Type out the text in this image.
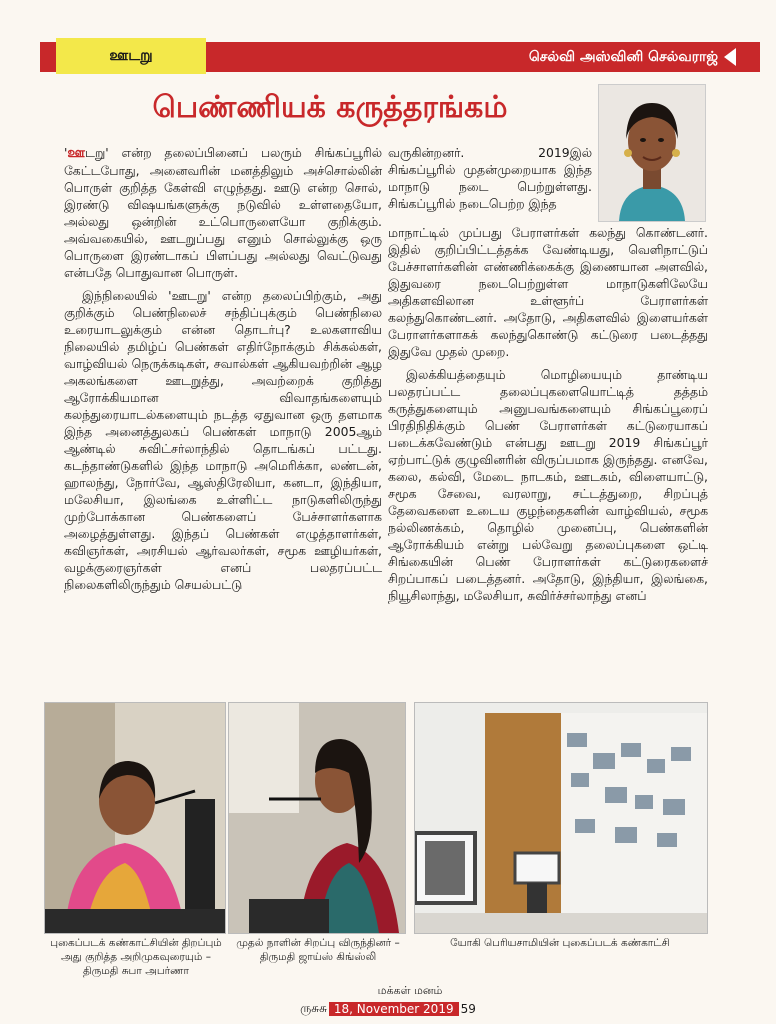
ஊடறு	செல்வி அஸ்வினி செல்வராஜ்
பெண்ணியக் கருத்தரங்கம்

'ஊடறு' என்ற தலைப்பினைப் பலரும் சிங்கப்பூரில் கேட்டபோது, அனைவரின் மனத்திலும் அச்சொல்லின் பொருள் குறித்த கேள்வி எழுந்தது. ஊடு என்ற சொல், இரண்டு விஷயங்களுக்கு நடுவில் உள்ளதையோ, அல்லது ஒன்றின் உட்பொருளையோ குறிக்கும். அவ்வகையில், ஊடறுப்பது எனும் சொல்லுக்கு ஒரு பொருளை இரண்டாகப் பிளப்பது அல்லது வெட்டுவது என்பதே பொதுவான பொருள்.

இந்நிலையில் 'ஊடறு' என்ற தலைப்பிற்கும், அது குறிக்கும் பெண்நிலைச் சந்திப்புக்கும் பெண்நிலை உரையாடலுக்கும் என்ன தொடர்பு? உலகளாவிய நிலையில் தமிழ்ப் பெண்கள் எதிர்நோக்கும் சிக்கல்கள், வாழ்வியல் நெருக்கடிகள், சவால்கள் ஆகியவற்றின் ஆழ அகலங்களை ஊடறுத்து, அவற்றைக் குறித்து ஆரோக்கியமான விவாதங்களையும் கலந்துரையாடல்களையும் நடத்த ஏதுவான ஒரு தளமாக இந்த அனைத்துலகப் பெண்கள் மாநாடு 2005ஆம் ஆண்டில் சுவிட்சர்லாந்தில் தொடங்கப் பட்டது. கடந்தாண்டுகளில் இந்த மாநாடு அமெரிக்கா, லண்டன், ஹாலந்து, நோர்வே, ஆஸ்திரேலியா, கனடா, இந்தியா, மலேசியா, இலங்கை உள்ளிட்ட நாடுகளிலிருந்து முற்போக்கான பெண்களைப் பேச்சாளர்களாக அழைத்துள்ளது. இந்தப் பெண்கள் எழுத்தாளர்கள், கவிஞர்கள், அரசியல் ஆர்வலர்கள், சமூக ஊழியர்கள், வழக்குரைஞர்கள் எனப் பலதரப்பட்ட நிலைகளிலிருந்தும் செயல்பட்டு

வருகின்றனர். 2019இல் சிங்கப்பூரில் முதன்முறையாக இந்த மாநாடு நடை பெற்றுள்ளது. சிங்கப்பூரில் நடைபெற்ற இந்த

மாநாட்டில் முப்பது பேராளர்கள் கலந்து கொண்டனர். இதில் குறிப்பிட்டத்தக்க வேண்டியது, வெளிநாட்டுப் பேச்சாளர்களின் எண்ணிக்கைக்கு இணையான அளவில், இதுவரை நடைபெற்றுள்ள மாநாடுகளிலேயே அதிகளவிலான உள்ளூர்ப் பேராளர்கள் கலந்துகொண்டனர். அதோடு, அதிகளவில் இளையர்கள் பேராளர்களாகக் கலந்துகொண்டு கட்டுரை படைத்தது இதுவே முதல் முறை.

இலக்கியத்தையும் மொழியையும் தாண்டிய பலதரப்பட்ட தலைப்புகளையொட்டித் தத்தம் கருத்துகளையும் அனுபவங்களையும் சிங்கப்பூரைப் பிரதிநிதிக்கும் பெண் பேராளர்கள் கட்டுரையாகப் படைக்கவேண்டும் என்பது ஊடறு 2019 சிங்கப்பூர் ஏற்பாட்டுக் குழுவினரின் விருப்பமாக இருந்தது. எனவே, கலை, கல்வி, மேடை நாடகம், ஊடகம், விளையாட்டு, சமூக சேவை, வரலாறு, சட்டத்துறை, சிறப்புத் தேவைகளை உடைய குழந்தைகளின் வாழ்வியல், சமூக நல்லிணக்கம், தொழில் முனைப்பு, பெண்களின் ஆரோக்கியம் என்று பல்வேறு தலைப்புகளை ஒட்டி சிங்கையின் பெண் பேராளர்கள் கட்டுரைகளைச் சிறப்பாகப் படைத்தனர். அதோடு, இந்தியா, இலங்கை, நியூசிலாந்து, மலேசியா, சுவிர்ச்சர்லாந்து எனப்

புகைப்படக் கண்காட்சியின் திறப்பும்
அது குறித்த அறிமுகவுரையும் –
திருமதி சுபா அபர்ணா
முதல் நாளின் சிறப்பு விருந்தினர் –
திருமதி ஜாய்ஸ் கிங்ஸ்லி
யோகி பெரியசாமியின் புகைப்படக் கண்காட்சி
மக்கள் மனம்
ருசுசு 18, November 2019 59
